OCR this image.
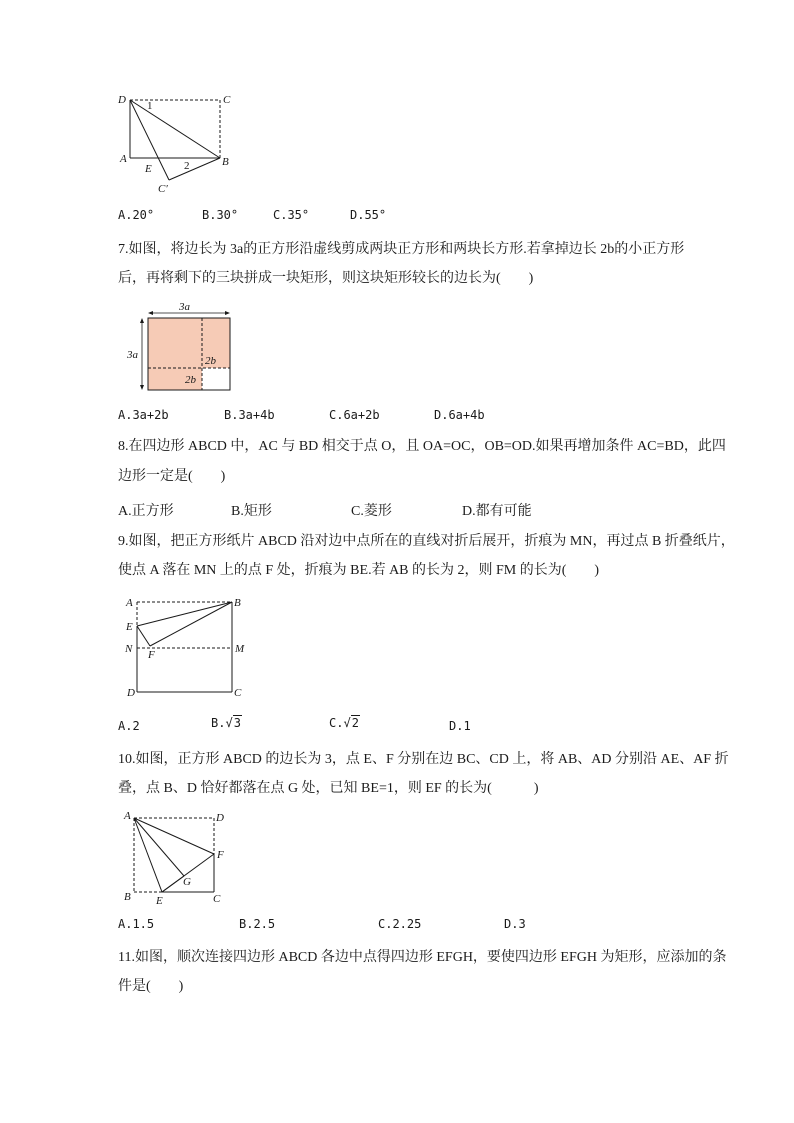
D	C
A	B
E
C′
1
2
A.20°	B.30°	C.35°	D.55°
7.如图，将边长为 3a的正方形沿虚线剪成两块正方形和两块长方形.若拿掉边长 2b的小正方形
后，再将剩下的三块拼成一块矩形，则这块矩形较长的边长为(　　)
3a
3a	2b
2b
A.3a+2b	B.3a+4b	C.6a+2b	D.6a+4b
8.在四边形 ABCD 中，AC 与 BD 相交于点 O，且 OA=OC，OB=OD.如果再增加条件 AC=BD，此四
边形一定是(　　)
A.正方形	B.矩形	C.菱形	D.都有可能
9.如图，把正方形纸片 ABCD 沿对边中点所在的直线对折后展开，折痕为 MN，再过点 B 折叠纸片，
使点 A 落在 MN 上的点 F 处，折痕为 BE.若 AB 的长为 2，则 FM 的长为(　　)
A	B
E
N F	M
D	C
A.2	B.√3	C.√2	D.1
10.如图，正方形 ABCD 的边长为 3，点 E、F 分别在边 BC、CD 上，将 AB、AD 分别沿 AE、AF 折
叠，点 B、D 恰好都落在点 G 处，已知 BE=1，则 EF 的长为(　　　)
A	D
F
G
B E	C
A.1.5	B.2.5	C.2.25	D.3
11.如图，顺次连接四边形 ABCD 各边中点得四边形 EFGH，要使四边形 EFGH 为矩形，应添加的条
件是(　　)
